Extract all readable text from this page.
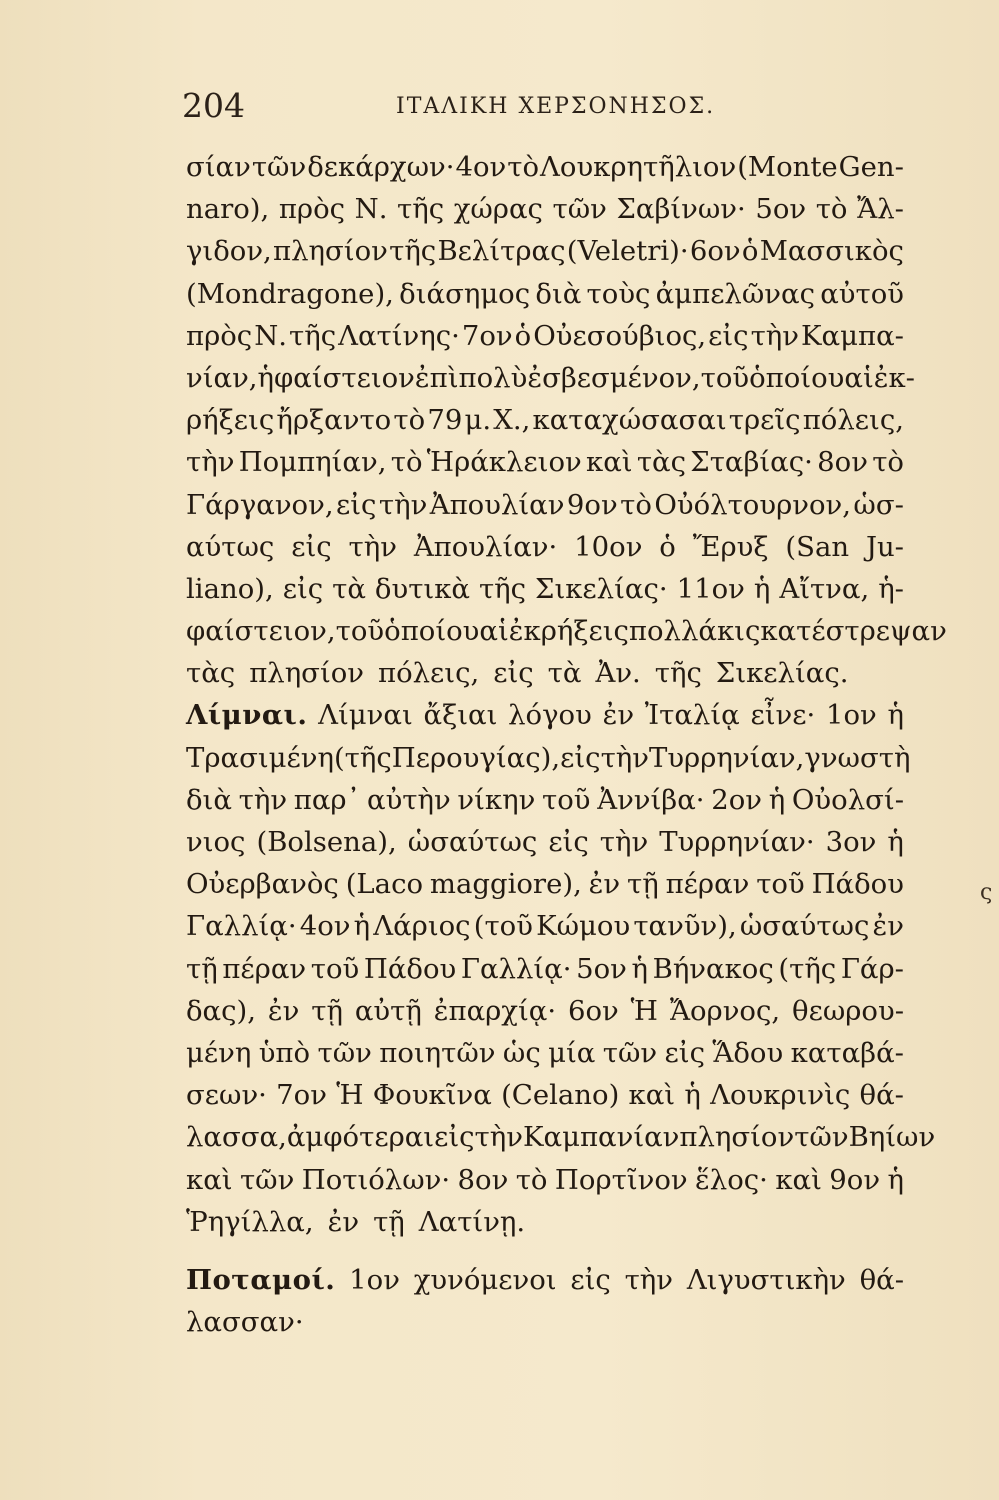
204	ΙΤΑΛΙΚΗ ΧΕΡΣΟΝΗΣΟΣ.
σίαν τῶν δεκάρχων· 4ον τὸ Λουκρητῆλιον (Monte Gen-
naro), πρὸς Ν. τῆς χώρας τῶν Σαβίνων· 5ον τὸ Ἄλ-
γιδον, πλησίον τῆς Βελίτρας (Veletri)· 6ον ὁ Μασσικὸς
(Mondragone), διάσημος διὰ τοὺς ἀμπελῶνας αὐτοῦ
πρὸς Ν. τῆς Λατίνης· 7ον ὁ Οὐεσούβιος, εἰς τὴν Καμπα-
νίαν, ἡφαίστειον ἐπὶ πολὺ ἐσβεσμένον, τοῦ ὁποίου αἱ ἐκ-
ρήξεις ἤρξαντο τὸ 79 μ. Χ., καταχώσασαι τρεῖς πόλεις,
τὴν Πομπηίαν, τὸ Ἡράκλειον καὶ τὰς Σταβίας· 8ον τὸ
Γάργανον, εἰς τὴν Ἀπουλίαν 9ον τὸ Οὐόλτουρνον, ὡσ-
αύτως εἰς τὴν Ἀπουλίαν· 10ον ὁ Ἔρυξ (San Ju-
liano), εἰς τὰ δυτικὰ τῆς Σικελίας· 11ον ἡ Αἴτνα, ἡ-
φαίστειον, τοῦ ὁποίου αἱ ἐκρήξεις πολλάκις κατέστρεψαν
τὰς πλησίον πόλεις, εἰς τὰ Ἀν. τῆς Σικελίας.
Λίμναι. Λίμναι ἄξιαι λόγου ἐν Ἰταλίᾳ εἶνε· 1ον ἡ
Τρασιμένη (τῆς Περουγίας), εἰς τὴν Τυρρηνίαν, γνωστὴ
διὰ τὴν παρ᾽ αὐτὴν νίκην τοῦ Ἀννίβα· 2ον ἡ Οὐολσί-
νιος (Bolsena), ὡσαύτως εἰς τὴν Τυρρηνίαν· 3ον ἡ
Οὐερβανὸς (Laco maggiore), ἐν τῇ πέραν τοῦ Πάδου
Γαλλίᾳ· 4ον ἡ Λάριος (τοῦ Κώμου τανῦν), ὡσαύτως ἐν
τῇ πέραν τοῦ Πάδου Γαλλίᾳ· 5ον ἡ Βήνακος (τῆς Γάρ-
δας), ἐν τῇ αὐτῇ ἐπαρχίᾳ· 6ον Ἡ Ἄορνος, θεωρου-
μένη ὑπὸ τῶν ποιητῶν ὡς μία τῶν εἰς Ἅδου καταβά-
σεων· 7ον Ἡ Φουκῖνα (Celano) καὶ ἡ Λουκρινὶς θά-
λασσα, ἀμφότεραι εἰς τὴν Καμπανίαν πλησίον τῶν Βηίων
καὶ τῶν Ποτιόλων· 8ον τὸ Πορτῖνον ἕλος· καὶ 9ον ἡ
Ῥηγίλλα, ἐν τῇ Λατίνῃ.
Ποταμοί. 1ον χυνόμενοι εἰς τὴν Λιγυστικὴν θά-
λασσαν·
ς
